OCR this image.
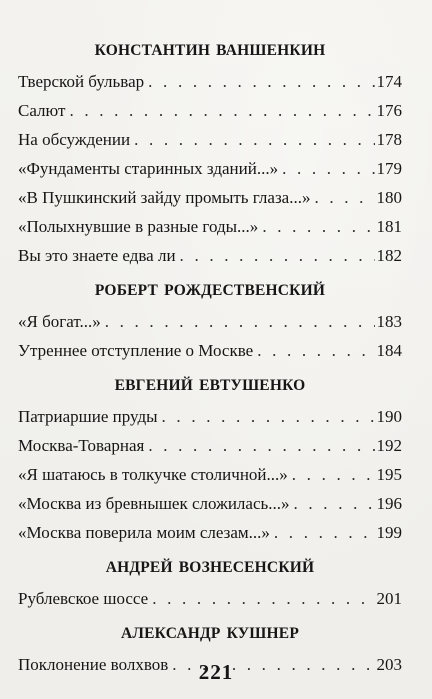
КОНСТАНТИН ВАНШЕНКИН
Тверской бульвар . . .	174
Салют . . .	176
На обсуждении . . .	178
«Фундаменты старинных зданий...» . . .	179
«В Пушкинский зайду промыть глаза...» . . .	180
«Полыхнувшие в разные годы...» . . .	181
Вы это знаете едва ли . . .	182
РОБЕРТ РОЖДЕСТВЕНСКИЙ
«Я богат...» . . .	183
Утреннее отступление о Москве . . .	184
ЕВГЕНИЙ ЕВТУШЕНКО
Патриаршие пруды . . .	190
Москва-Товарная . . .	192
«Я шатаюсь в толкучке столичной...» . . .	195
«Москва из бревнышек сложилась...» . . .	196
«Москва поверила моим слезам...» . . .	199
АНДРЕЙ ВОЗНЕСЕНСКИЙ
Рублевское шоссе . . .	201
АЛЕКСАНДР КУШНЕР
Поклонение волхвов . . .	203
221
